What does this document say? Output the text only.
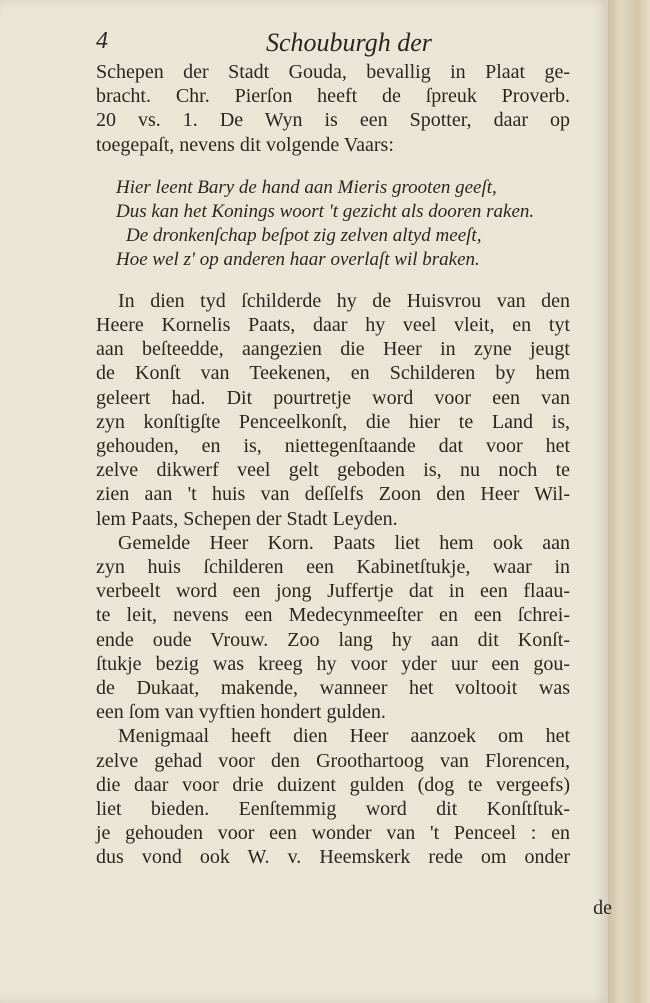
4	Schouburgh der
Schepen der Stadt Gouda, bevallig in Plaat ge-
bracht. Chr. Pierſon heeft de ſpreuk Proverb.
20 vs. 1. De Wyn is een Spotter, daar op
toegepaſt, nevens dit volgende Vaars:
Hier leent Bary de hand aan Mieris grooten geeſt,
Dus kan het Konings woort 't gezicht als dooren raken.
De dronkenſchap beſpot zig zelven altyd meeſt,
Hoe wel z' op anderen haar overlaſt wil braken.
In dien tyd ſchilderde hy de Huisvrou van den
Heere Kornelis Paats, daar hy veel vleit, en tyt
aan beſteedde, aangezien die Heer in zyne jeugt
de Konſt van Teekenen, en Schilderen by hem
geleert had. Dit pourtretje word voor een van
zyn konſtigſte Penceelkonſt, die hier te Land is,
gehouden, en is, niettegenſtaande dat voor het
zelve dikwerf veel gelt geboden is, nu noch te
zien aan 't huis van deſſelfs Zoon den Heer Wil-
lem Paats, Schepen der Stadt Leyden.
Gemelde Heer Korn. Paats liet hem ook aan
zyn huis ſchilderen een Kabinetſtukje, waar in
verbeelt word een jong Juffertje dat in een flaau-
te leit, nevens een Medecynmeeſter en een ſchrei-
ende oude Vrouw. Zoo lang hy aan dit Konſt-
ſtukje bezig was kreeg hy voor yder uur een gou-
de Dukaat, makende, wanneer het voltooit was
een ſom van vyftien hondert gulden.
Menigmaal heeft dien Heer aanzoek om het
zelve gehad voor den Groothartoog van Florencen,
die daar voor drie duizent gulden (dog te vergeefs)
liet bieden. Eenſtemmig word dit Konſtſtuk-
je gehouden voor een wonder van 't Penceel : en
dus vond ook W. v. Heemskerk rede om onder
de
